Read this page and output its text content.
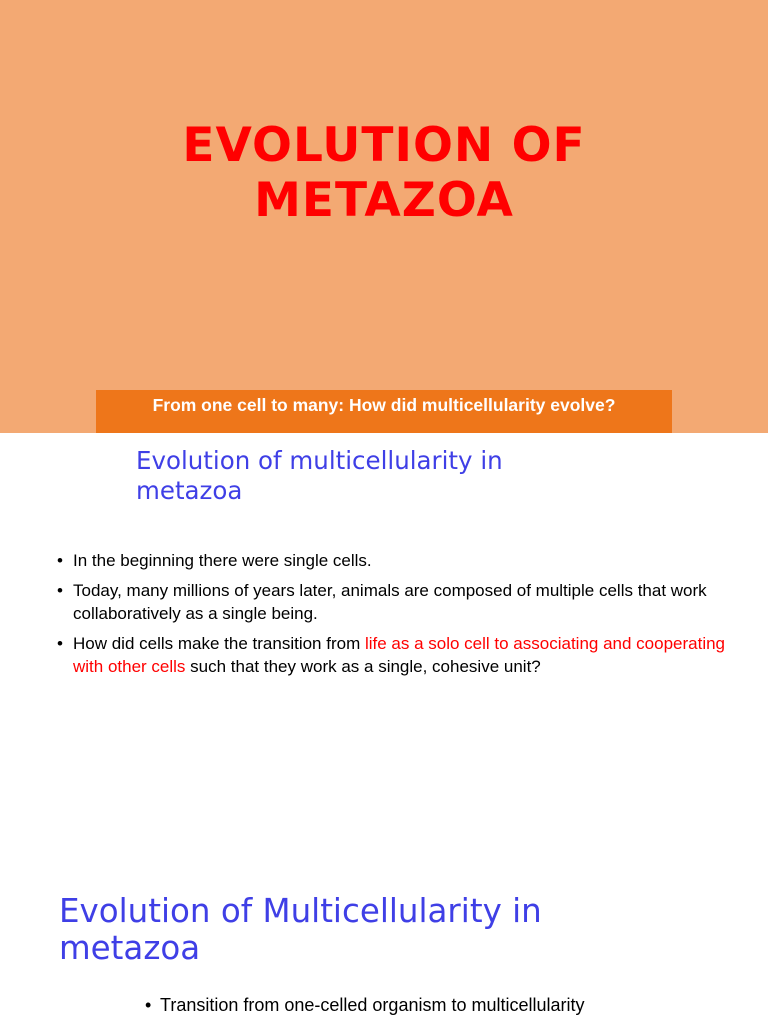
EVOLUTION OF
METAZOA
From one cell to many: How did multicellularity evolve?
Evolution of multicellularity in metazoa
• In the beginning there were single cells.
• Today, many millions of years later, animals are composed of multiple cells that work collaboratively as a single being.
• How did cells make the transition from life as a solo cell to associating and cooperating with other cells such that they work as a single, cohesive unit?
Evolution of Multicellularity in metazoa
• Transition from one-celled organism to multicellularity
